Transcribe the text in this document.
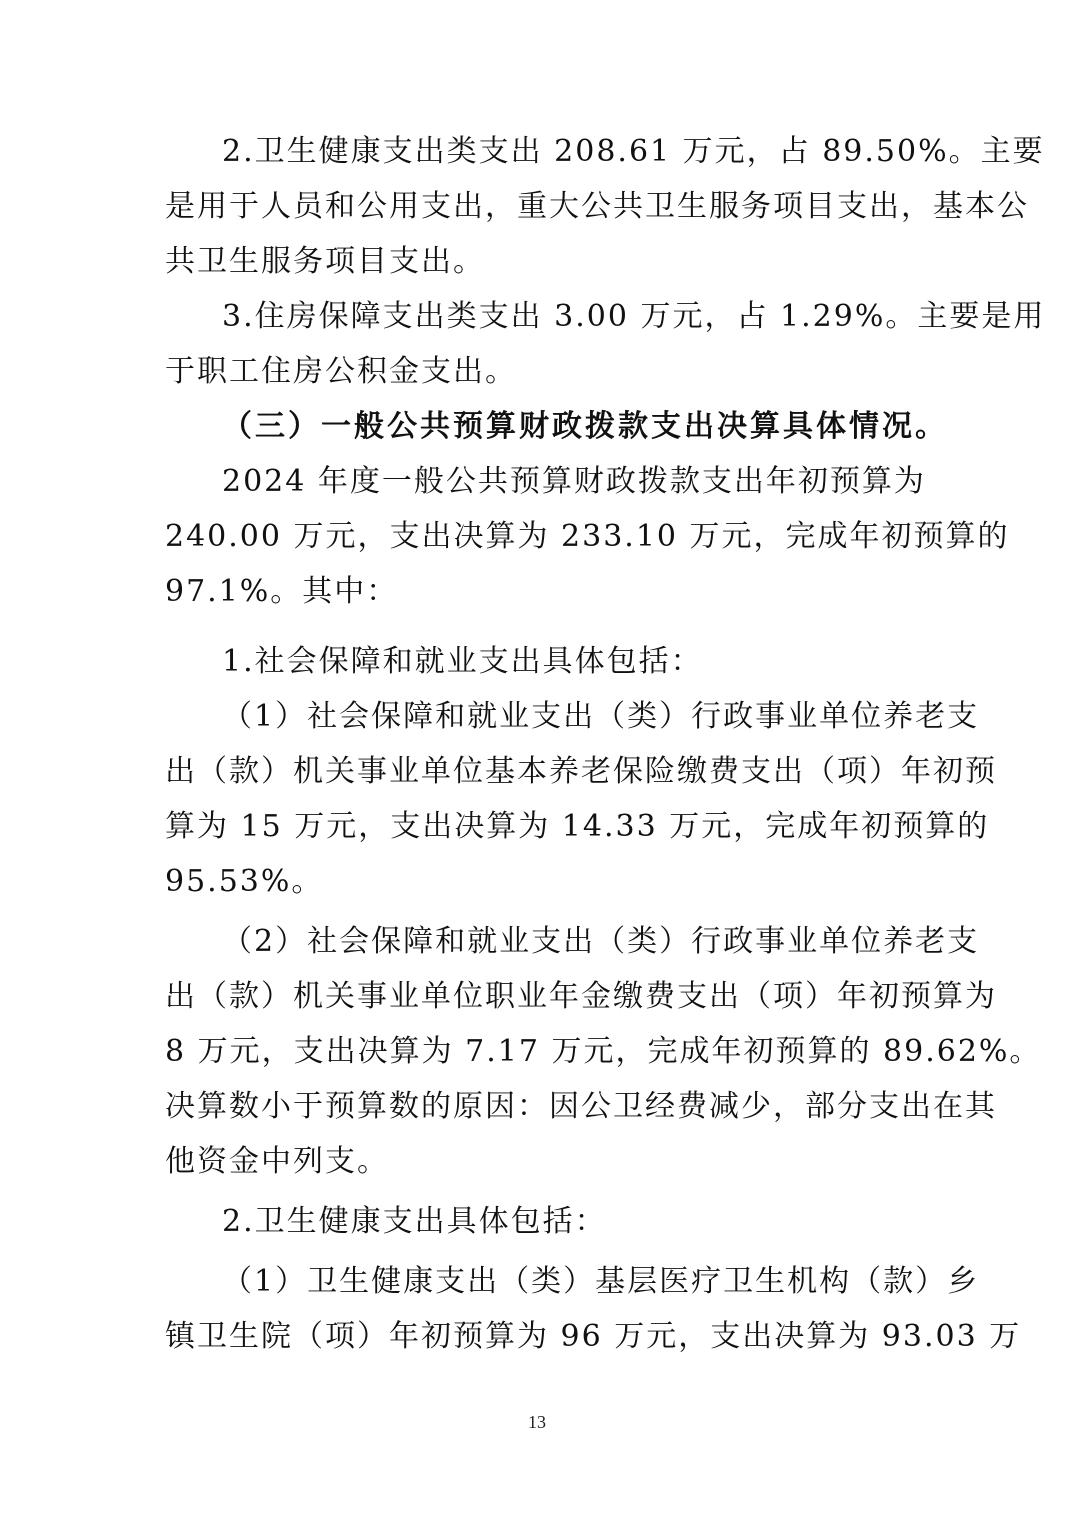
2.卫生健康支出类支出 208.61 万元，占 89.50%。主要
是用于人员和公用支出，重大公共卫生服务项目支出，基本公
共卫生服务项目支出。
3.住房保障支出类支出 3.00 万元，占 1.29%。主要是用
于职工住房公积金支出。
（三）一般公共预算财政拨款支出决算具体情况。
2024 年度一般公共预算财政拨款支出年初预算为
240.00 万元，支出决算为 233.10 万元，完成年初预算的
97.1%。其中：
1.社会保障和就业支出具体包括：
（1）社会保障和就业支出（类）行政事业单位养老支
出（款）机关事业单位基本养老保险缴费支出（项）年初预
算为 15 万元，支出决算为 14.33 万元，完成年初预算的
95.53%。
（2）社会保障和就业支出（类）行政事业单位养老支
出（款）机关事业单位职业年金缴费支出（项）年初预算为
8 万元，支出决算为 7.17 万元，完成年初预算的 89.62%。
决算数小于预算数的原因：因公卫经费减少，部分支出在其
他资金中列支。
2.卫生健康支出具体包括：
（1）卫生健康支出（类）基层医疗卫生机构（款）乡
镇卫生院（项）年初预算为 96 万元，支出决算为 93.03 万
13
